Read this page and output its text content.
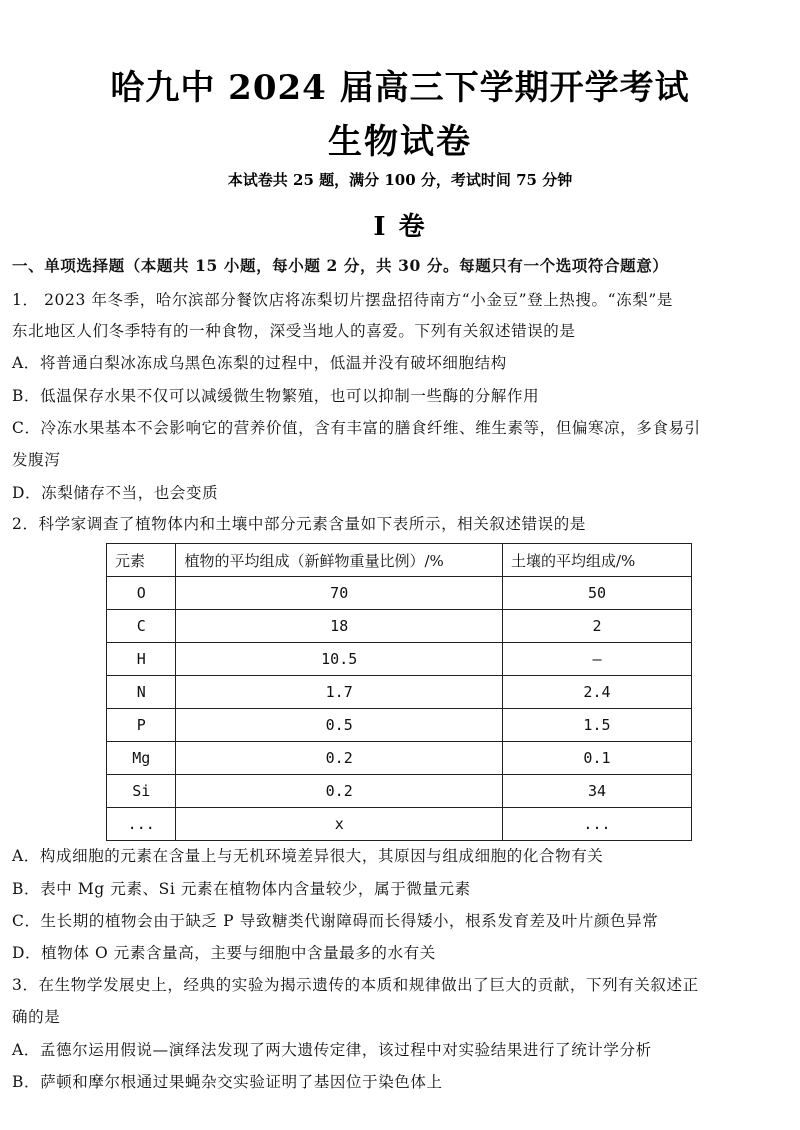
哈九中 2024 届高三下学期开学考试
生物试卷
本试卷共 25 题，满分 100 分，考试时间 75 分钟
I 卷
一、单项选择题（本题共 15 小题，每小题 2 分，共 30 分。每题只有一个选项符合题意）
1． 2023 年冬季，哈尔滨部分餐饮店将冻梨切片摆盘招待南方“小金豆”登上热搜。“冻梨”是
东北地区人们冬季特有的一种食物，深受当地人的喜爱。下列有关叙述错误的是
A．将普通白梨冰冻成乌黑色冻梨的过程中，低温并没有破坏细胞结构
B．低温保存水果不仅可以减缓微生物繁殖，也可以抑制一些酶的分解作用
C．冷冻水果基本不会影响它的营养价值，含有丰富的膳食纤维、维生素等，但偏寒凉，多食易引
发腹泻
D．冻梨储存不当，也会变质
2．科学家调查了植物体内和土壤中部分元素含量如下表所示，相关叙述错误的是
元素	植物的平均组成（新鲜物重量比例）/%	土壤的平均组成/%
O	70	50
C	18	2
H	10.5	—
N	1.7	2.4
P	0.5	1.5
Mg	0.2	0.1
Si	0.2	34
...	x	...
A．构成细胞的元素在含量上与无机环境差异很大，其原因与组成细胞的化合物有关
B．表中 Mg 元素、Si 元素在植物体内含量较少，属于微量元素
C．生长期的植物会由于缺乏 P 导致糖类代谢障碍而长得矮小，根系发育差及叶片颜色异常
D．植物体 O 元素含量高，主要与细胞中含量最多的水有关
3．在生物学发展史上，经典的实验为揭示遗传的本质和规律做出了巨大的贡献，下列有关叙述正
确的是
A．孟德尔运用假说—演绎法发现了两大遗传定律，该过程中对实验结果进行了统计学分析
B．萨顿和摩尔根通过果蝇杂交实验证明了基因位于染色体上
